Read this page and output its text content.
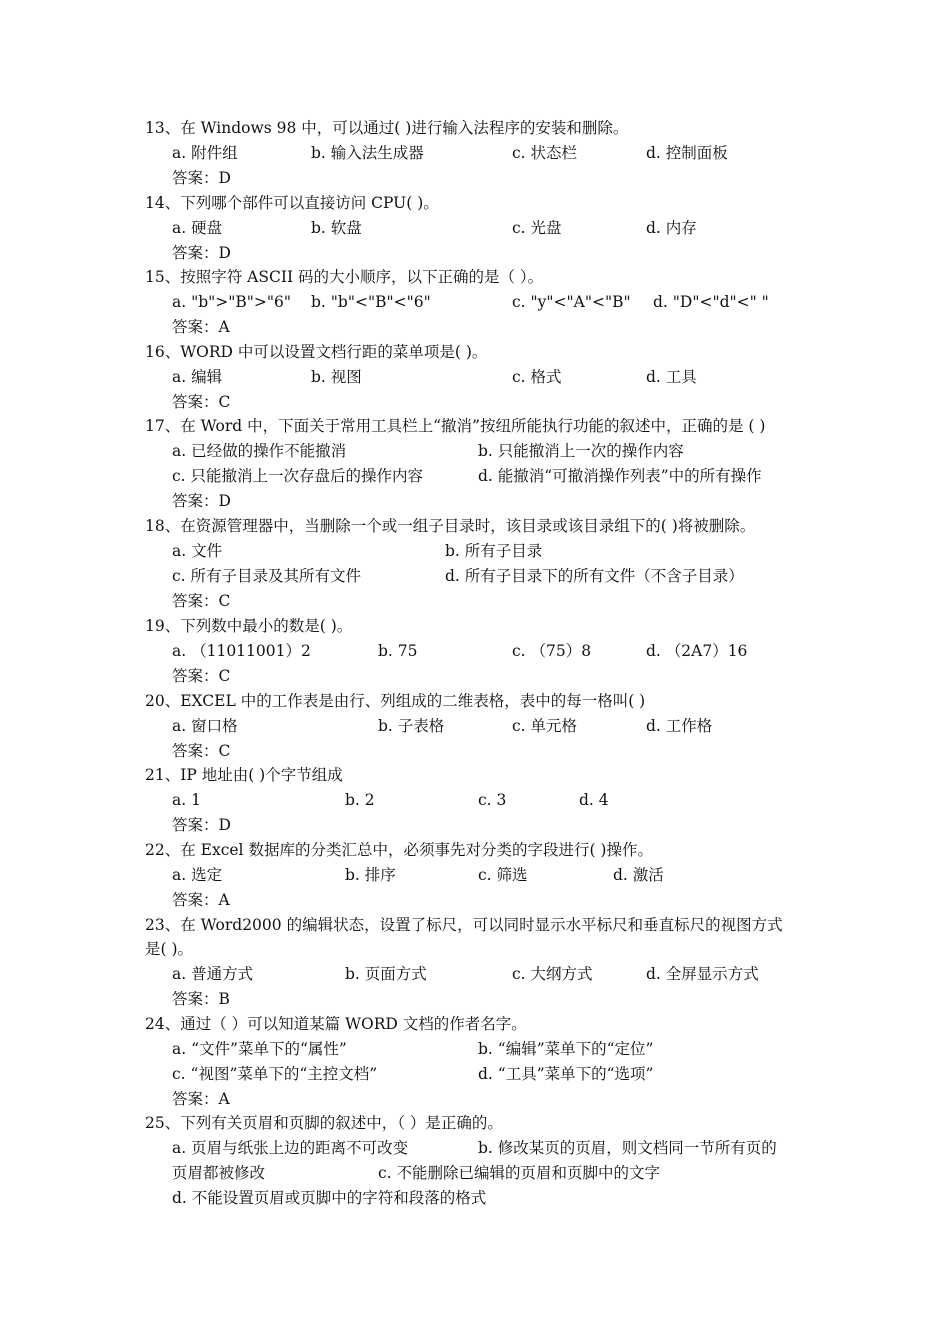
13、在 Windows 98 中，可以通过( )进行输入法程序的安装和删除。
a. 附件组	b. 输入法生成器	c. 状态栏	d. 控制面板
答案：D
14、下列哪个部件可以直接访问 CPU( )。
a. 硬盘	b. 软盘	c. 光盘	d. 内存
答案：D
15、按照字符 ASCII 码的大小顺序，以下正确的是（ ）。
a. "b">"B">"6" b. "b"<"B"<"6"	c. "y"<"A"<"B" d. "D"<"d"<" "
答案：A
16、WORD 中可以设置文档行距的菜单项是( )。
a. 编辑	b. 视图	c. 格式	d. 工具
答案：C
17、在 Word 中，下面关于常用工具栏上“撤消”按纽所能执行功能的叙述中，正确的是 ( )
a. 已经做的操作不能撤消	b. 只能撤消上一次的操作内容
c. 只能撤消上一次存盘后的操作内容	d. 能撤消“可撤消操作列表”中的所有操作
答案：D
18、在资源管理器中，当删除一个或一组子目录时，该目录或该目录组下的( )将被删除。
a. 文件	b. 所有子目录
c. 所有子目录及其所有文件	d. 所有子目录下的所有文件（不含子目录）
答案：C
19、下列数中最小的数是( )。
a. （11011001）2	b. 75	c. （75）8	d. （2A7）16
答案：C
20、EXCEL 中的工作表是由行、列组成的二维表格，表中的每一格叫( )
a. 窗口格	b. 子表格	c. 单元格	d. 工作格
答案：C
21、IP 地址由( )个字节组成
a. 1	b. 2	c. 3	d. 4
答案：D
22、在 Excel 数据库的分类汇总中，必须事先对分类的字段进行( )操作。
a. 选定	b. 排序	c. 筛选	d. 激活
答案：A
23、在 Word2000 的编辑状态，设置了标尺，可以同时显示水平标尺和垂直标尺的视图方式
是( )。
a. 普通方式	b. 页面方式	c. 大纲方式	d. 全屏显示方式
答案：B
24、通过（ ）可以知道某篇 WORD 文档的作者名字。
a. “文件”菜单下的“属性”	b. “编辑”菜单下的“定位”
c. “视图”菜单下的“主控文档”	d. “工具”菜单下的“选项”
答案：A
25、下列有关页眉和页脚的叙述中，（ ）是正确的。
a. 页眉与纸张上边的距离不可改变	b. 修改某页的页眉，则文档同一节所有页的
页眉都被修改	c. 不能删除已编辑的页眉和页脚中的文字
d. 不能设置页眉或页脚中的字符和段落的格式
